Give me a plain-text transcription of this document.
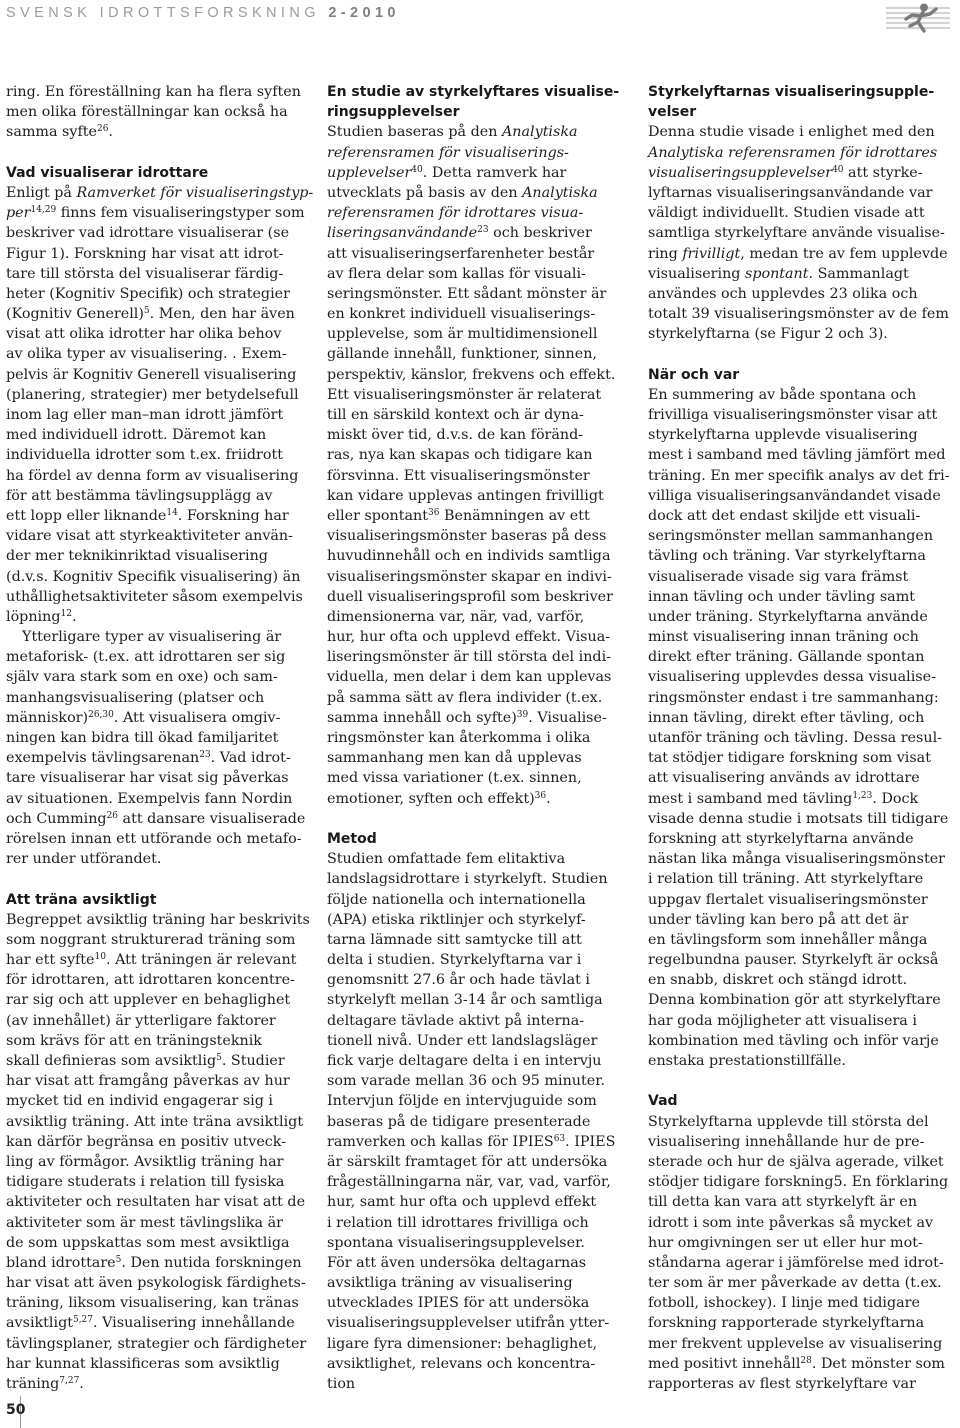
SVENSK IDROTTSFORSKNING 2-2010
ring. En föreställning kan ha flera syften
men olika föreställningar kan också ha
samma syfte$^{26}$.
Vad visualiserar idrottare
Enligt på Ramverket för visualiseringstyp-
per$^{14,29}$ finns fem visualiseringstyper som
beskriver vad idrottare visualiserar (se
Figur 1). Forskning har visat att idrot-
tare till största del visualiserar färdig-
heter (Kognitiv Specifik) och strategier
(Kognitiv Generell)$^5$. Men, den har även
visat att olika idrotter har olika behov
av olika typer av visualisering. . Exem-
pelvis är Kognitiv Generell visualisering
(planering, strategier) mer betydelsefull
inom lag eller man–man idrott jämfört
med individuell idrott. Däremot kan
individuella idrotter som t.ex. friidrott
ha fördel av denna form av visualisering
för att bestämma tävlingsupplägg av
ett lopp eller liknande$^{14}$. Forskning har
vidare visat att styrkeaktiviteter använ-
der mer teknikinriktad visualisering
(d.v.s. Kognitiv Specifik visualisering) än
uthållighetsaktiviteter såsom exempelvis
löpning$^{12}$.
Ytterligare typer av visualisering är
metaforisk- (t.ex. att idrottaren ser sig
själv vara stark som en oxe) och sam-
manhangsvisualisering (platser och
människor)$^{26,30}$. Att visualisera omgiv-
ningen kan bidra till ökad familjaritet
exempelvis tävlingsarenan$^{23}$. Vad idrot-
tare visualiserar har visat sig påverkas
av situationen. Exempelvis fann Nordin
och Cumming$^{26}$ att dansare visualiserade
rörelsen innan ett utförande och metafo-
rer under utförandet.
Att träna avsiktligt
Begreppet avsiktlig träning har beskrivits
som noggrant strukturerad träning som
har ett syfte$^{10}$. Att träningen är relevant
för idrottaren, att idrottaren koncentre-
rar sig och att upplever en behaglighet
(av innehållet) är ytterligare faktorer
som krävs för att en träningsteknik
skall definieras som avsiktlig$^5$. Studier
har visat att framgång påverkas av hur
mycket tid en individ engagerar sig i
avsiktlig träning. Att inte träna avsiktligt
kan därför begränsa en positiv utveck-
ling av förmågor. Avsiktlig träning har
tidigare studerats i relation till fysiska
aktiviteter och resultaten har visat att de
aktiviteter som är mest tävlingslika är
de som uppskattas som mest avsiktliga
bland idrottare$^5$. Den nutida forskningen
har visat att även psykologisk färdighets-
träning, liksom visualisering, kan tränas
avsiktligt$^{5,27}$. Visualisering innehållande
tävlingsplaner, strategier och färdigheter
har kunnat klassificeras som avsiktlig
träning$^{7,27}$.
En studie av styrkelyftares visualise-
ringsupplevelser
Studien baseras på den Analytiska
referensramen för visualiserings-
upplevelser$^{40}$. Detta ramverk har
utvecklats på basis av den Analytiska
referensramen för idrottares visua-
liseringsanvändande$^{23}$ och beskriver
att visualiseringserfarenheter består
av flera delar som kallas för visuali-
seringsmönster. Ett sådant mönster är
en konkret individuell visualiserings-
upplevelse, som är multidimensionell
gällande innehåll, funktioner, sinnen,
perspektiv, känslor, frekvens och effekt.
Ett visualiseringsmönster är relaterat
till en särskild kontext och är dyna-
miskt över tid, d.v.s. de kan föränd-
ras, nya kan skapas och tidigare kan
försvinna. Ett visualiseringsmönster
kan vidare upplevas antingen frivilligt
eller spontant$^{36}$ Benämningen av ett
visualiseringsmönster baseras på dess
huvudinnehåll och en individs samtliga
visualiseringsmönster skapar en indivi-
duell visualiseringsprofil som beskriver
dimensionerna var, när, vad, varför,
hur, hur ofta och upplevd effekt. Visua-
liseringsmönster är till största del indi-
viduella, men delar i dem kan upplevas
på samma sätt av flera individer (t.ex.
samma innehåll och syfte)$^{39}$. Visualise-
ringsmönster kan återkomma i olika
sammanhang men kan då upplevas
med vissa variationer (t.ex. sinnen,
emotioner, syften och effekt)$^{36}$.
Metod
Studien omfattade fem elitaktiva
landslagsidrottare i styrkelyft. Studien
följde nationella och internationella
(APA) etiska riktlinjer och styrkelyf-
tarna lämnade sitt samtycke till att
delta i studien. Styrkelyftarna var i
genomsnitt 27.6 år och hade tävlat i
styrkelyft mellan 3-14 år och samtliga
deltagare tävlade aktivt på interna-
tionell nivå. Under ett landslagsläger
fick varje deltagare delta i en intervju
som varade mellan 36 och 95 minuter.
Intervjun följde en intervjuguide som
baseras på de tidigare presenterade
ramverken och kallas för IPIES$^{63}$. IPIES
är särskilt framtaget för att undersöka
frågeställningarna när, var, vad, varför,
hur, samt hur ofta och upplevd effekt
i relation till idrottares frivilliga och
spontana visualiseringsupplevelser.
För att även undersöka deltagarnas
avsiktliga träning av visualisering
utvecklades IPIES för att undersöka
visualiseringsupplevelser utifrån ytter-
ligare fyra dimensioner: behaglighet,
avsiktlighet, relevans och koncentra-
tion
Styrkelyftarnas visualiseringsupple-
velser
Denna studie visade i enlighet med den
Analytiska referensramen för idrottares
visualiseringsupplevelser$^{40}$ att styrke-
lyftarnas visualiseringsanvändande var
väldigt individuellt. Studien visade att
samtliga styrkelyftare använde visualise-
ring frivilligt, medan tre av fem upplevde
visualisering spontant. Sammanlagt
användes och upplevdes 23 olika och
totalt 39 visualiseringsmönster av de fem
styrkelyftarna (se Figur 2 och 3).
När och var
En summering av både spontana och
frivilliga visualiseringsmönster visar att
styrkelyftarna upplevde visualisering
mest i samband med tävling jämfört med
träning. En mer specifik analys av det fri-
villiga visualiseringsanvändandet visade
dock att det endast skiljde ett visuali-
seringsmönster mellan sammanhangen
tävling och träning. Var styrkelyftarna
visualiserade visade sig vara främst
innan tävling och under tävling samt
under träning. Styrkelyftarna använde
minst visualisering innan träning och
direkt efter träning. Gällande spontan
visualisering upplevdes dessa visualise-
ringsmönster endast i tre sammanhang:
innan tävling, direkt efter tävling, och
utanför träning och tävling. Dessa resul-
tat stödjer tidigare forskning som visat
att visualisering används av idrottare
mest i samband med tävling$^{1,23}$. Dock
visade denna studie i motsats till tidigare
forskning att styrkelyftarna använde
nästan lika många visualiseringsmönster
i relation till träning. Att styrkelyftare
uppgav flertalet visualiseringsmönster
under tävling kan bero på att det är
en tävlingsform som innehåller många
regelbundna pauser. Styrkelyft är också
en snabb, diskret och stängd idrott.
Denna kombination gör att styrkelyftare
har goda möjligheter att visualisera i
kombination med tävling och inför varje
enstaka prestationstillfälle.
Vad
Styrkelyftarna upplevde till största del
visualisering innehållande hur de pre-
sterade och hur de själva agerade, vilket
stödjer tidigare forskning5. En förklaring
till detta kan vara att styrkelyft är en
idrott i som inte påverkas så mycket av
hur omgivningen ser ut eller hur mot-
ståndarna agerar i jämförelse med idrot-
ter som är mer påverkade av detta (t.ex.
fotboll, ishockey). I linje med tidigare
forskning rapporterade styrkelyftarna
mer frekvent upplevelse av visualisering
med positivt innehåll$^{28}$. Det mönster som
rapporteras av flest styrkelyftare var
50
